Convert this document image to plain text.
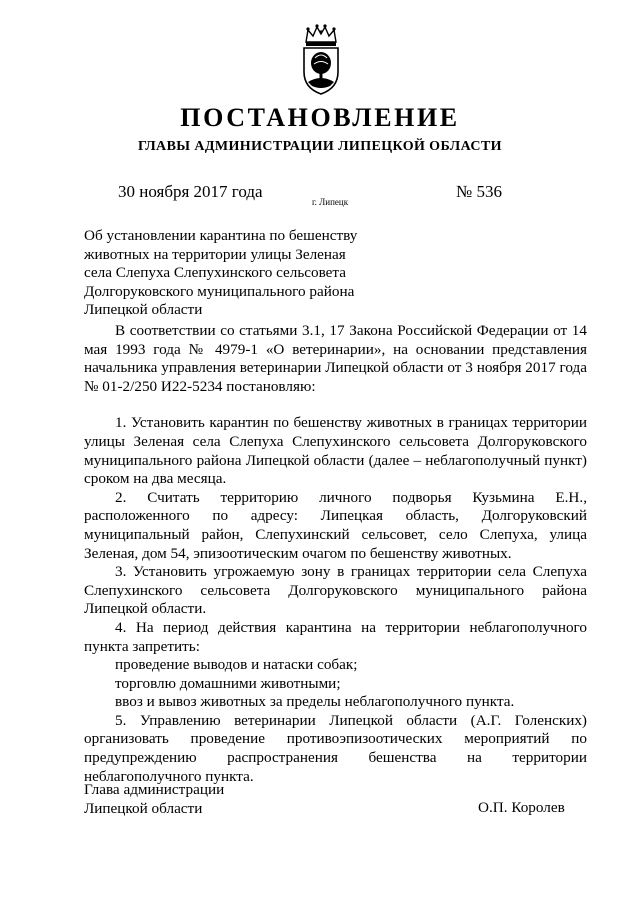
ПОСТАНОВЛЕНИЕ
ГЛАВЫ АДМИНИСТРАЦИИ ЛИПЕЦКОЙ ОБЛАСТИ
30 ноября 2017 года
г. Липецк
№ 536
Об установлении карантина по бешенству
животных на территории улицы Зеленая
села Слепуха Слепухинского сельсовета
Долгоруковского муниципального района
Липецкой области

В соответствии со статьями 3.1, 17 Закона Российской Федерации от 14 мая 1993 года № 4979-1 «О ветеринарии», на основании представления начальника управления ветеринарии Липецкой области от 3 ноября 2017 года № 01-2/250 И22-5234 постановляю:

1. Установить карантин по бешенству животных в границах территории улицы Зеленая села Слепуха Слепухинского сельсовета Долгоруковского муниципального района Липецкой области (далее – неблагополучный пункт) сроком на два месяца.

2. Считать территорию личного подворья Кузьмина Е.Н., расположенного по адресу: Липецкая область, Долгоруковский муниципальный район, Слепухинский сельсовет, село Слепуха, улица Зеленая, дом 54, эпизоотическим очагом по бешенству животных.

3. Установить угрожаемую зону в границах территории села Слепуха Слепухинского сельсовета Долгоруковского муниципального района Липецкой области.

4. На период действия карантина на территории неблагополучного пункта запретить:

проведение выводов и натаски собак;

торговлю домашними животными;

ввоз и вывоз животных за пределы неблагополучного пункта.

5. Управлению ветеринарии Липецкой области (А.Г. Голенских) организовать проведение противоэпизоотических мероприятий по предупреждению распространения бешенства на территории неблагополучного пункта.

Глава администрации
Липецкой области	О.П. Королев
